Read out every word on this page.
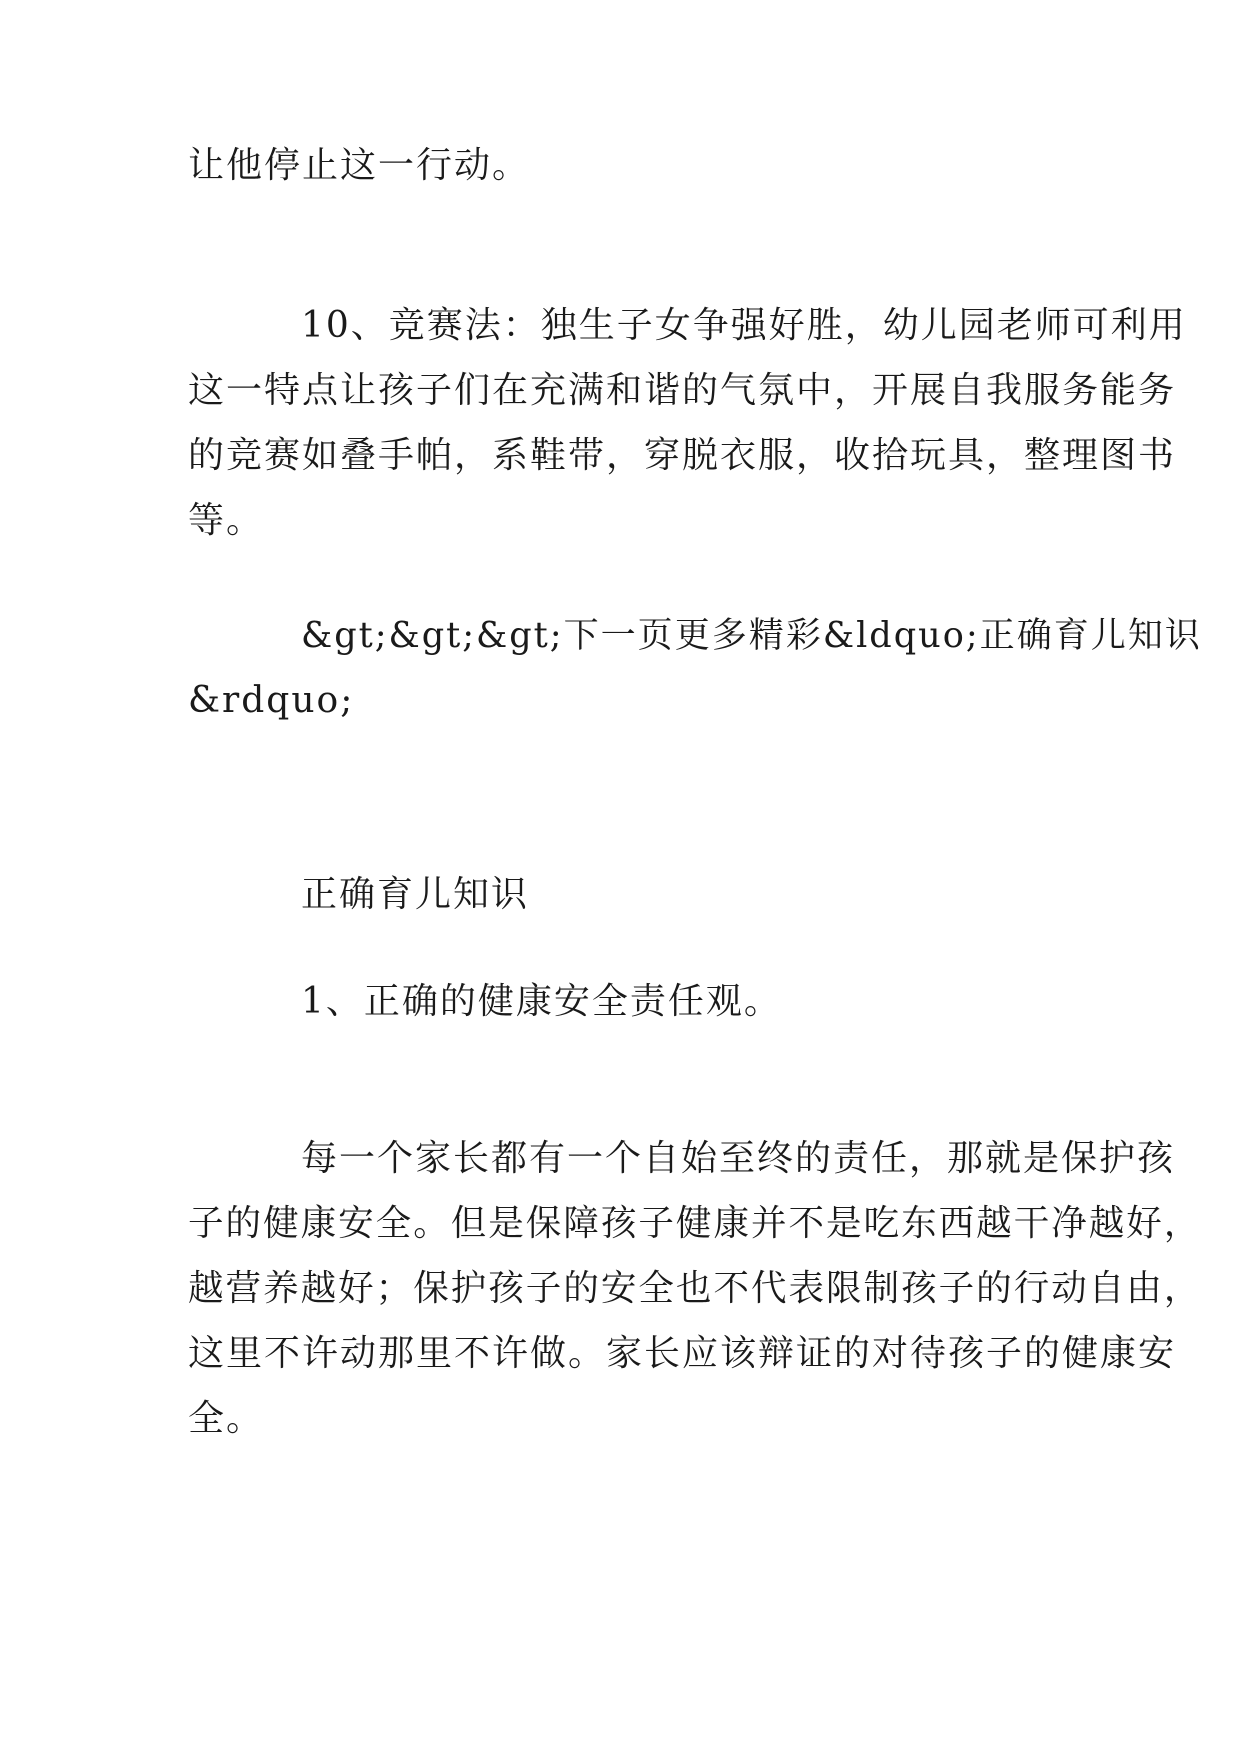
让他停止这一行动。
10、竞赛法：独生子女争强好胜，幼儿园老师可利用
这一特点让孩子们在充满和谐的气氛中，开展自我服务能务
的竞赛如叠手帕，系鞋带，穿脱衣服，收拾玩具，整理图书
等。
&gt;&gt;&gt;下一页更多精彩&ldquo;正确育儿知识
&rdquo;
正确育儿知识
1、正确的健康安全责任观。
每一个家长都有一个自始至终的责任，那就是保护孩
子的健康安全。但是保障孩子健康并不是吃东西越干净越好，
越营养越好；保护孩子的安全也不代表限制孩子的行动自由，
这里不许动那里不许做。家长应该辩证的对待孩子的健康安
全。
